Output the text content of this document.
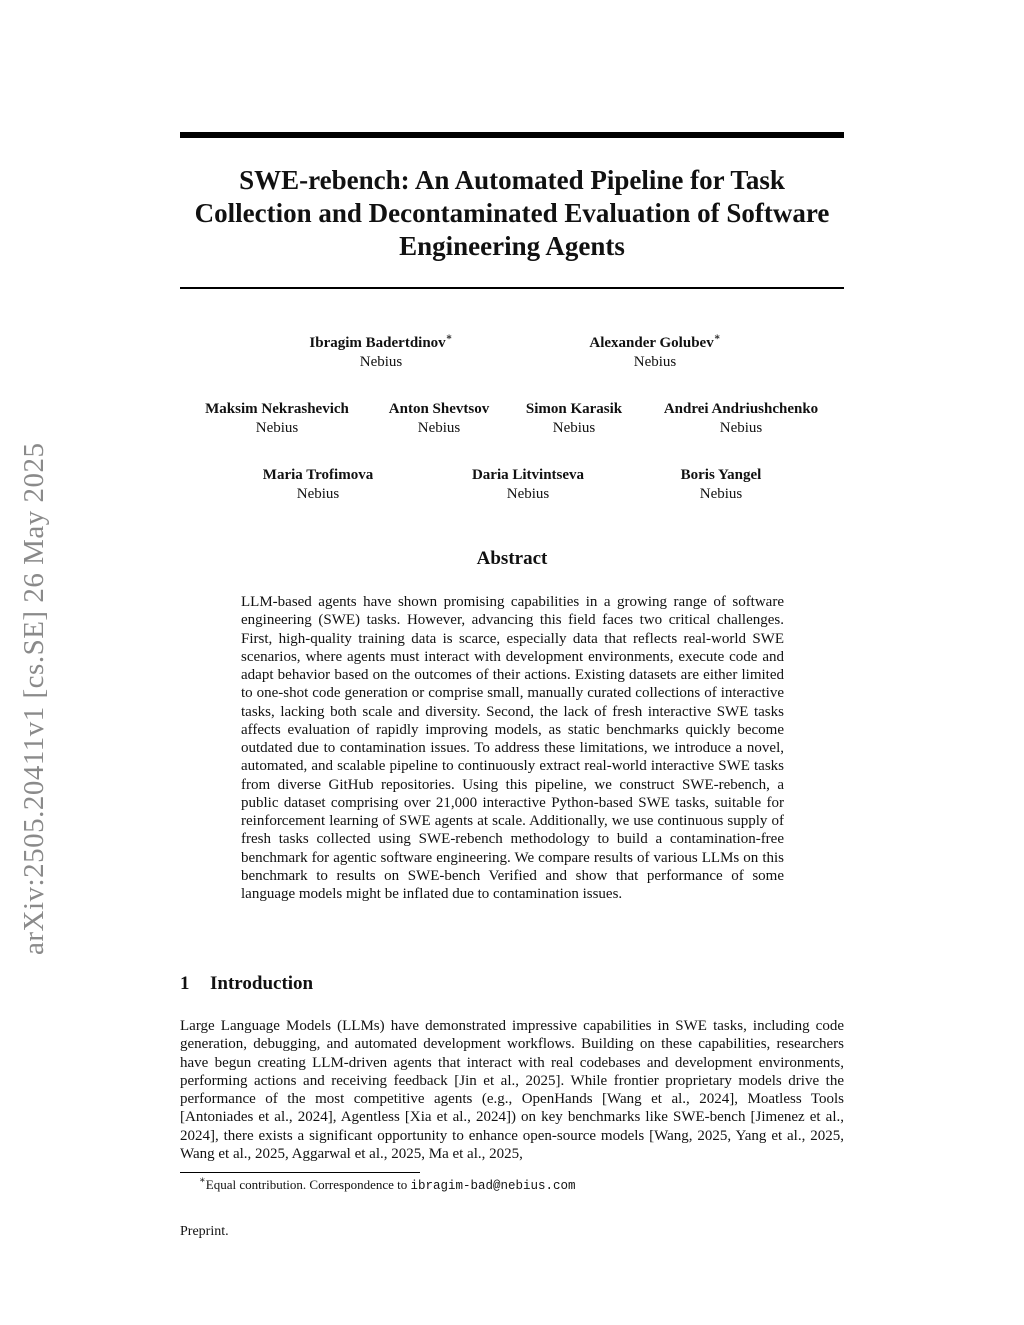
arXiv:2505.20411v1 [cs.SE] 26 May 2025
SWE-rebench: An Automated Pipeline for Task Collection and Decontaminated Evaluation of Software Engineering Agents
Ibragim Badertdinov∗
Nebius
Alexander Golubev∗
Nebius
Maksim Nekrashevich
Nebius
Anton Shevtsov
Nebius
Simon Karasik
Nebius
Andrei Andriushchenko
Nebius
Maria Trofimova
Nebius
Daria Litvintseva
Nebius
Boris Yangel
Nebius
Abstract

LLM-based agents have shown promising capabilities in a growing range of software engineering (SWE) tasks. However, advancing this field faces two critical challenges. First, high-quality training data is scarce, especially data that reflects real-world SWE scenarios, where agents must interact with development environments, execute code and adapt behavior based on the outcomes of their actions. Existing datasets are either limited to one-shot code generation or comprise small, manually curated collections of interactive tasks, lacking both scale and diversity. Second, the lack of fresh interactive SWE tasks affects evaluation of rapidly improving models, as static benchmarks quickly become outdated due to contamination issues. To address these limitations, we introduce a novel, automated, and scalable pipeline to continuously extract real-world interactive SWE tasks from diverse GitHub repositories. Using this pipeline, we construct SWE-rebench, a public dataset comprising over 21,000 interactive Python-based SWE tasks, suitable for reinforcement learning of SWE agents at scale. Additionally, we use continuous supply of fresh tasks collected using SWE-rebench methodology to build a contamination-free benchmark for agentic software engineering. We compare results of various LLMs on this benchmark to results on SWE-bench Verified and show that performance of some language models might be inflated due to contamination issues.

1 Introduction

Large Language Models (LLMs) have demonstrated impressive capabilities in SWE tasks, including code generation, debugging, and automated development workflows. Building on these capabilities, researchers have begun creating LLM-driven agents that interact with real codebases and development environments, performing actions and receiving feedback [Jin et al., 2025]. While frontier proprietary models drive the performance of the most competitive agents (e.g., OpenHands [Wang et al., 2024], Moatless Tools [Antoniades et al., 2024], Agentless [Xia et al., 2024]) on key benchmarks like SWE-bench [Jimenez et al., 2024], there exists a significant opportunity to enhance open-source models [Wang, 2025, Yang et al., 2025, Wang et al., 2025, Aggarwal et al., 2025, Ma et al., 2025,

∗Equal contribution. Correspondence to ibragim-bad@nebius.com

Preprint.
